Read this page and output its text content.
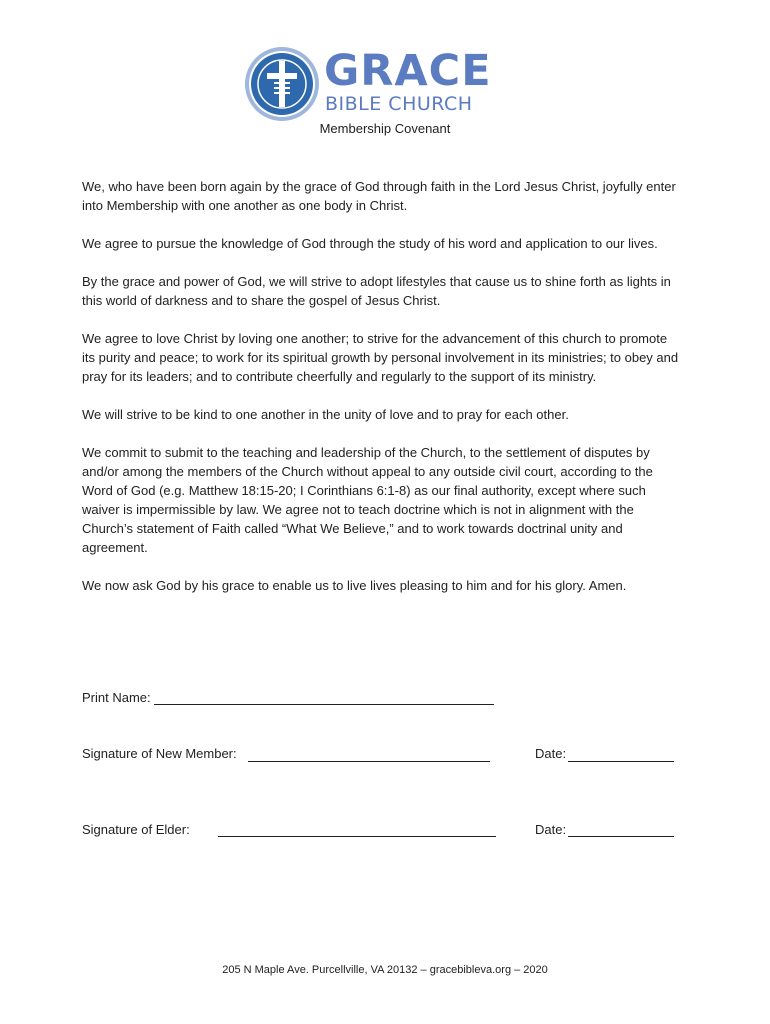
GRACE
BIBLE CHURCH
Membership Covenant

We, who have been born again by the grace of God through faith in the Lord Jesus Christ, joyfully enter into Membership with one another as one body in Christ.

We agree to pursue the knowledge of God through the study of his word and application to our lives.

By the grace and power of God, we will strive to adopt lifestyles that cause us to shine forth as lights in this world of darkness and to share the gospel of Jesus Christ.

We agree to love Christ by loving one another; to strive for the advancement of this church to promote its purity and peace; to work for its spiritual growth by personal involvement in its ministries; to obey and pray for its leaders; and to contribute cheerfully and regularly to the support of its ministry.

We will strive to be kind to one another in the unity of love and to pray for each other.

We commit to submit to the teaching and leadership of the Church, to the settlement of disputes by and/or among the members of the Church without appeal to any outside civil court, according to the Word of God (e.g. Matthew 18:15-20; I Corinthians 6:1-8) as our final authority, except where such waiver is impermissible by law. We agree not to teach doctrine which is not in alignment with the Church’s statement of Faith called “What We Believe,” and to work towards doctrinal unity and agreement.

We now ask God by his grace to enable us to live lives pleasing to him and for his glory. Amen.

Print Name:
Signature of New Member:	Date:
Signature of Elder:	Date:
205 N Maple Ave. Purcellville, VA 20132 – gracebibleva.org – 2020
